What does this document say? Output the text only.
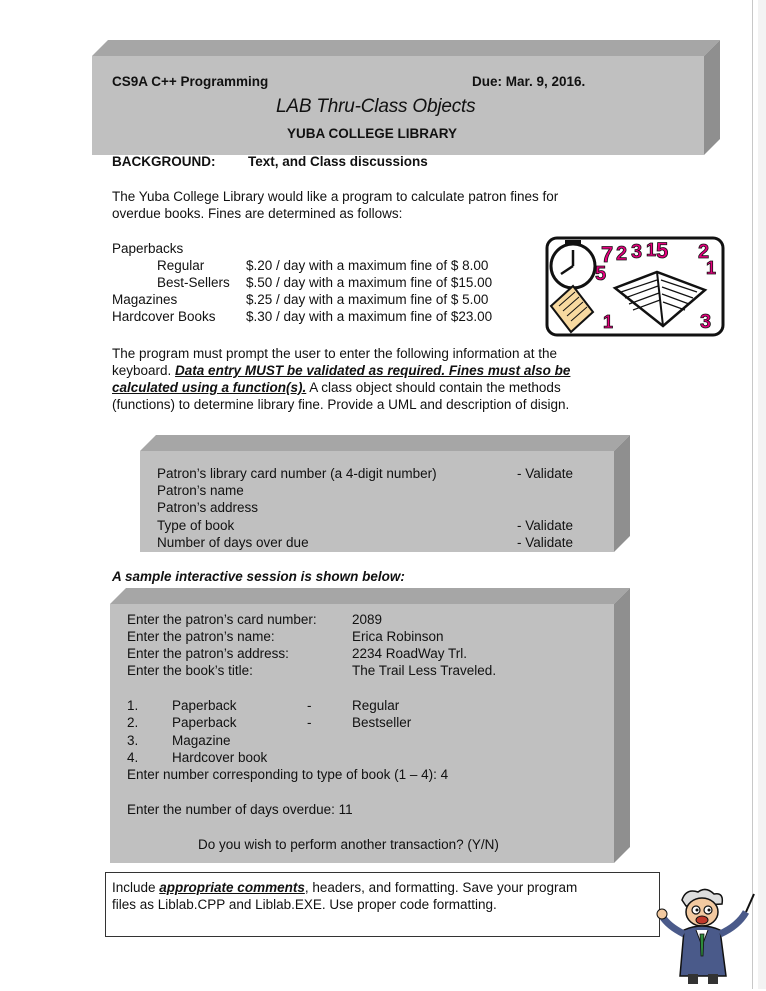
CS9A C++ Programming	Due: Mar. 9, 2016.
LAB Thru-Class Objects
YUBA COLLEGE LIBRARY
BACKGROUND: Text, and Class discussions
The Yuba College Library would like a program to calculate patron fines for
overdue books. Fines are determined as follows:
Paperbacks
Regular	$.20 / day with a maximum fine of $ 8.00
Best-Sellers $.50 / day with a maximum fine of $15.00
Magazines	$.25 / day with a maximum fine of $ 5.00
Hardcover Books $.30 / day with a maximum fine of $23.00
7 2 3 1 5 2
1
5
1	3
The program must prompt the user to enter the following information at the
keyboard. Data entry MUST be validated as required. Fines must also be
calculated using a function(s). A class object should contain the methods
(functions) to determine library fine. Provide a UML and description of disign.
Patron’s library card number (a 4-digit number)	- Validate
Patron’s name
Patron’s address
Type of book	- Validate
Number of days over due	- Validate
A sample interactive session is shown below:
Enter the patron’s card number:	2089
Enter the patron’s name:	Erica Robinson
Enter the patron’s address:	2234 RoadWay Trl.
Enter the book’s title:	The Trail Less Traveled.
1. Paperback	-	Regular
2. Paperback	-	Bestseller
3. Magazine
4. Hardcover book
Enter number corresponding to type of book (1 – 4): 4
Enter the number of days overdue: 11
Do you wish to perform another transaction? (Y/N)
Include appropriate comments, headers, and formatting. Save your program
files as Liblab.CPP and Liblab.EXE. Use proper code formatting.
